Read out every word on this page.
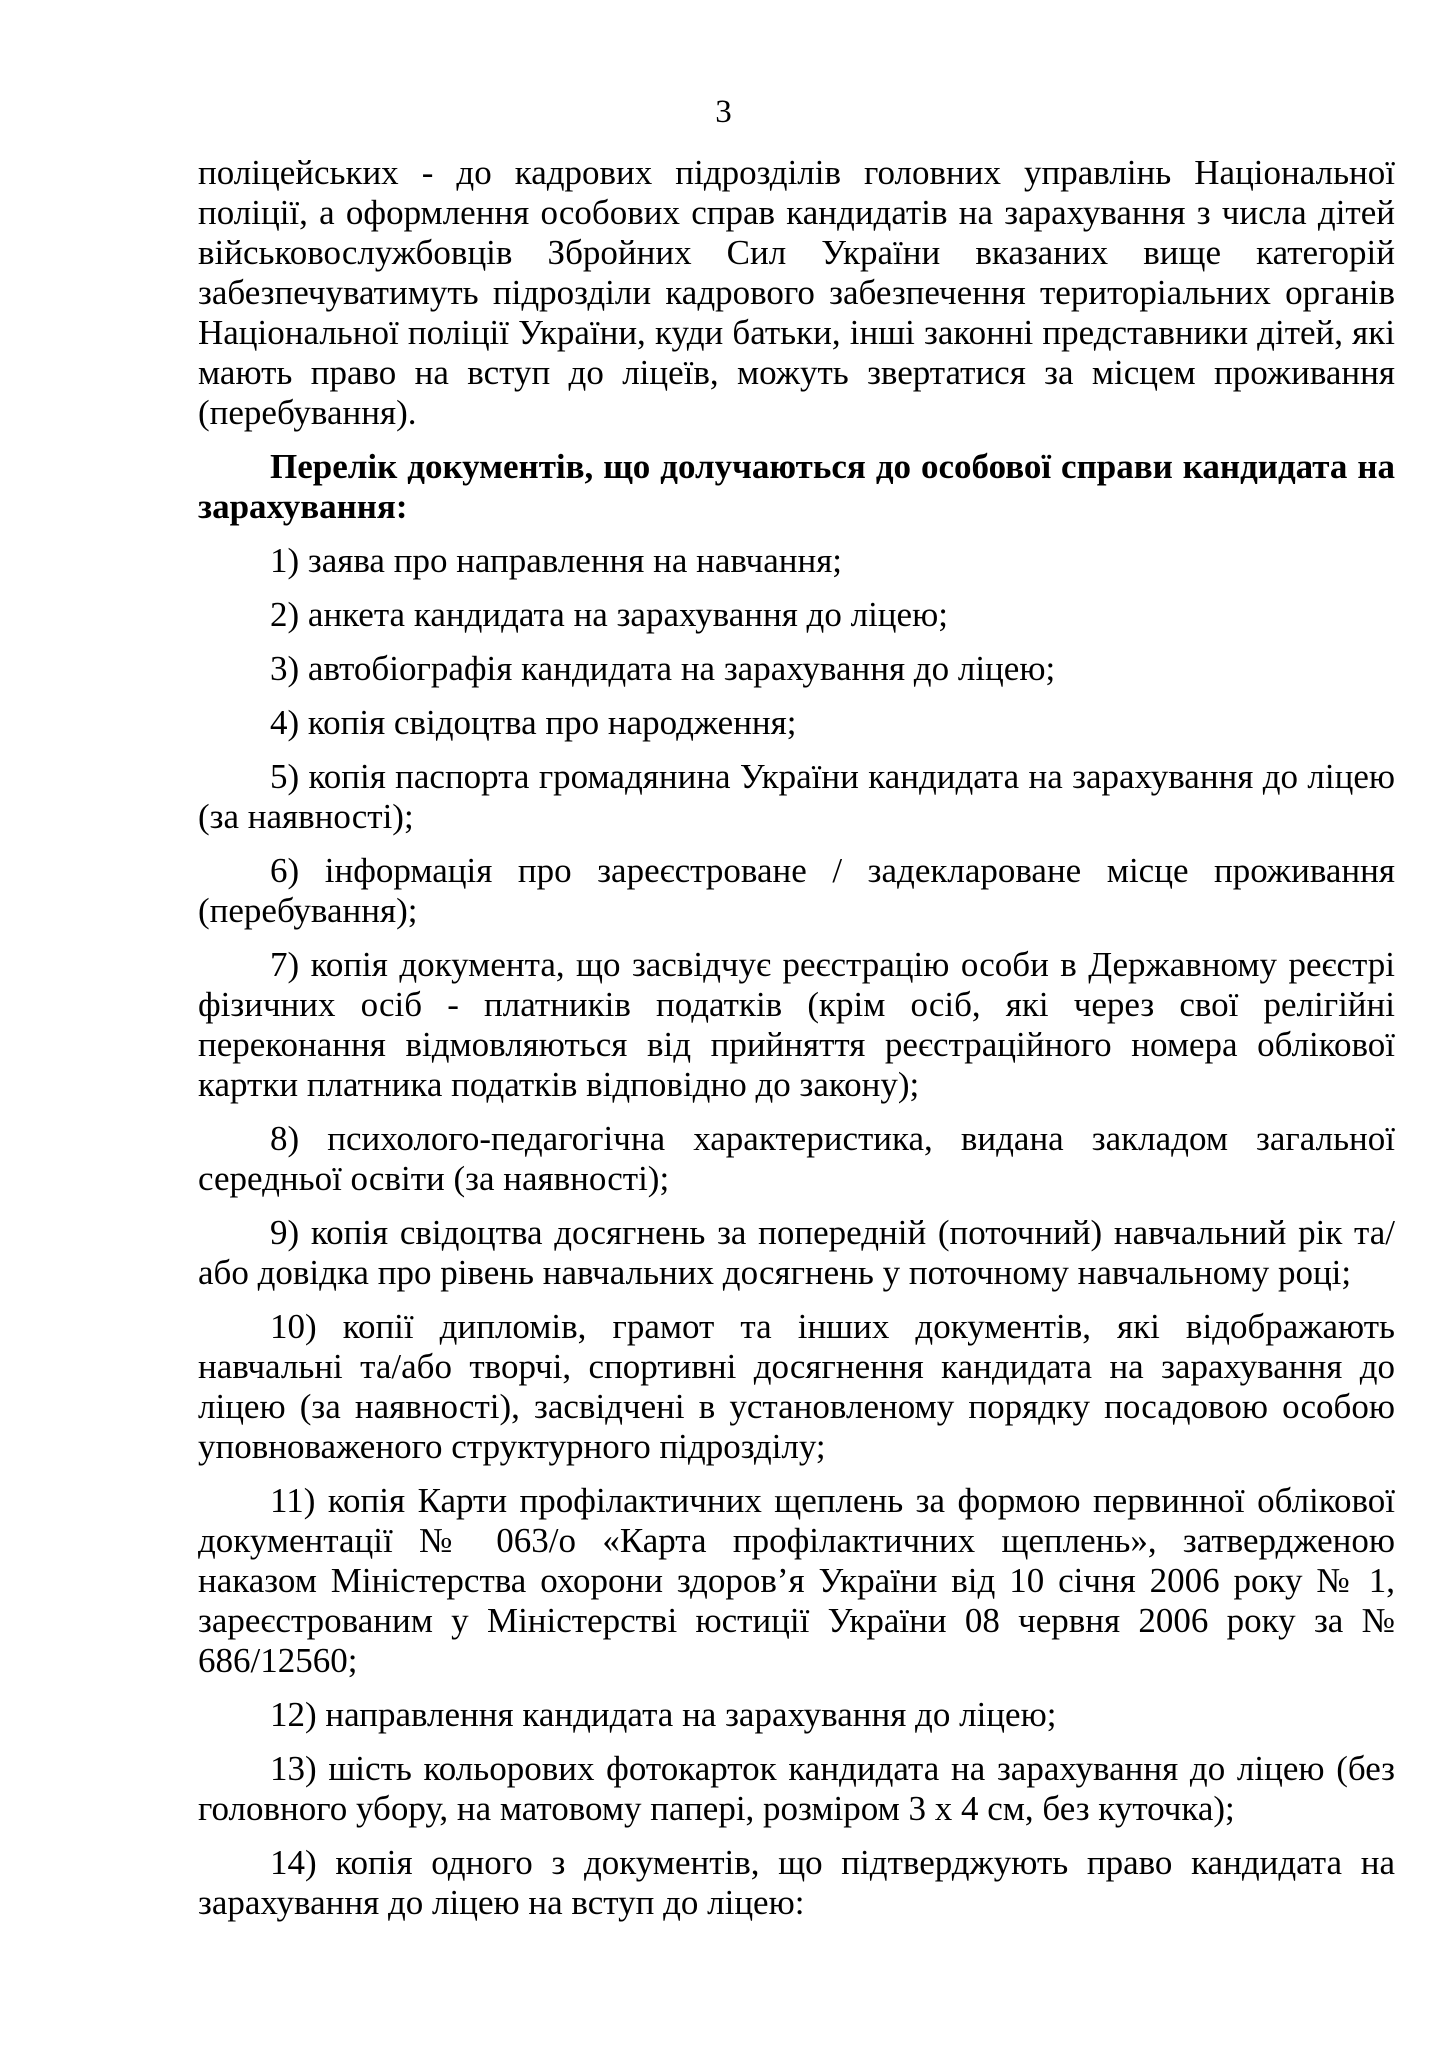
3

поліцейських - до кадрових підрозділів головних управлінь Національної поліції, а оформлення особових справ кандидатів на зарахування з числа дітей військовослужбовців Збройних Сил України вказаних вище категорій забезпечуватимуть підрозділи кадрового забезпечення територіальних органів Національної поліції України, куди батьки, інші законні представники дітей, які мають право на вступ до ліцеїв, можуть звертатися за місцем проживання (перебування).

Перелік документів, що долучаються до особової справи кандидата на зарахування:

1) заява про направлення на навчання;

2) анкета кандидата на зарахування до ліцею;

3) автобіографія кандидата на зарахування до ліцею;

4) копія свідоцтва про народження;

5) копія паспорта громадянина України кандидата на зарахування до ліцею (за наявності);

6) інформація про зареєстроване / задеклароване місце проживання (перебування);

7) копія документа, що засвідчує реєстрацію особи в Державному реєстрі фізичних осіб - платників податків (крім осіб, які через свої релігійні переконання відмовляються від прийняття реєстраційного номера облікової картки платника податків відповідно до закону);

8) психолого-педагогічна характеристика, видана закладом загальної середньої освіти (за наявності);

9) копія свідоцтва досягнень за попередній (поточний) навчальний рік та/або довідка про рівень навчальних досягнень у поточному навчальному році;

10) копії дипломів, грамот та інших документів, які відображають навчальні та/або творчі, спортивні досягнення кандидата на зарахування до ліцею (за наявності), засвідчені в установленому порядку посадовою особою уповноваженого структурного підрозділу;

11) копія Карти профілактичних щеплень за формою первинної облікової документації № 063/о «Карта профілактичних щеплень», затвердженою наказом Міністерства охорони здоров’я України від 10 січня 2006 року № 1, зареєстрованим у Міністерстві юстиції України 08 червня 2006 року за № 686/12560;

12) направлення кандидата на зарахування до ліцею;

13) шість кольорових фотокарток кандидата на зарахування до ліцею (без головного убору, на матовому папері, розміром 3 х 4 см, без куточка);

14) копія одного з документів, що підтверджують право кандидата на зарахування до ліцею на вступ до ліцею:
